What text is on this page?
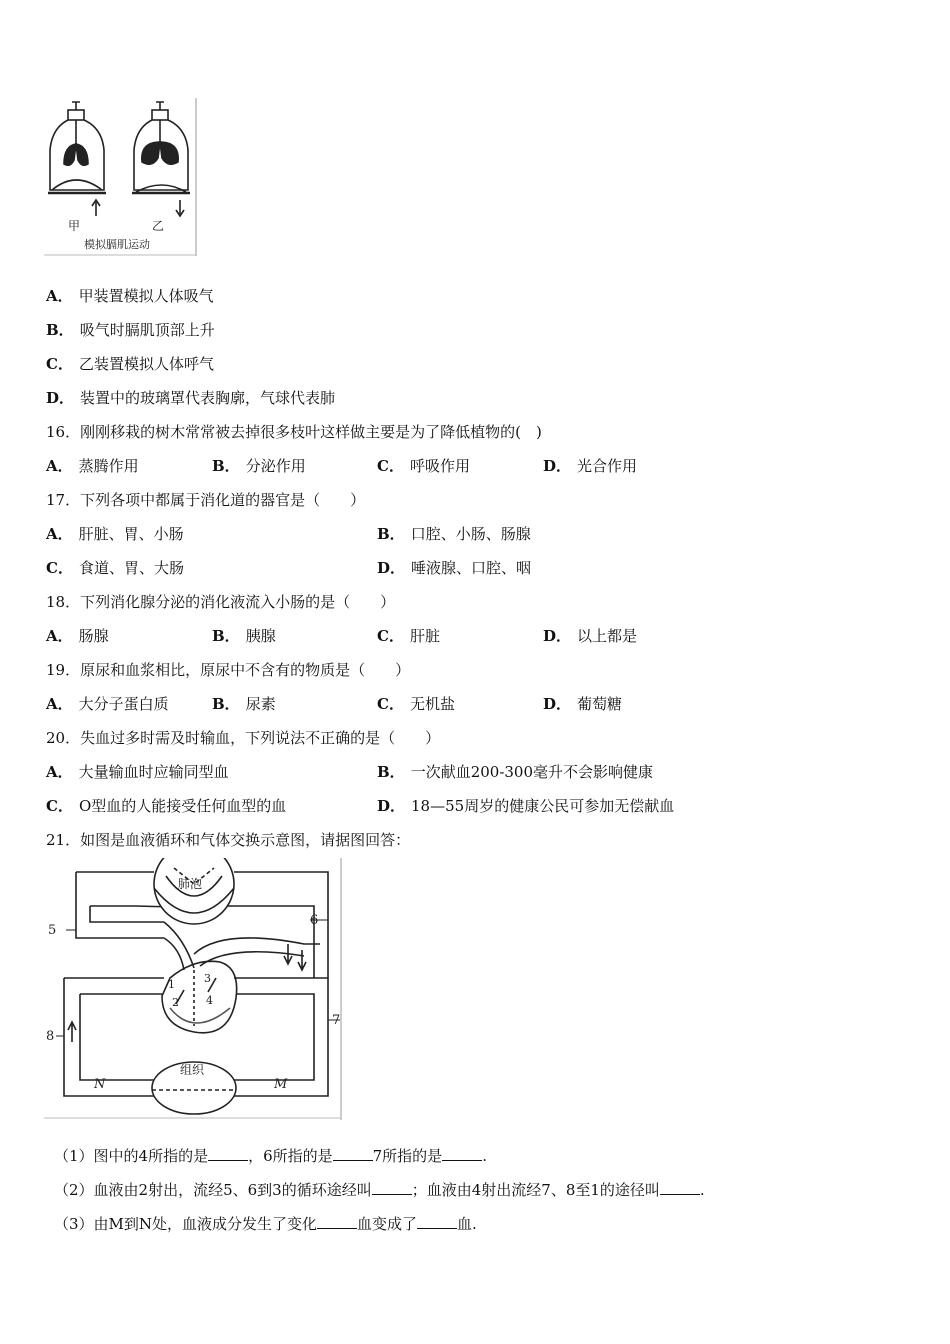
甲	乙
模拟膈肌运动
A． 甲装置模拟人体吸气
B． 吸气时膈肌顶部上升
C． 乙装置模拟人体呼气
D． 装置中的玻璃罩代表胸廓，气球代表肺
16．刚刚移栽的树木常常被去掉很多枝叶这样做主要是为了降低植物的(　)
A． 蒸腾作用	B． 分泌作用	C． 呼吸作用	D． 光合作用
17．下列各项中都属于消化道的器官是（　　）
A． 肝脏、胃、小肠	B． 口腔、小肠、肠腺
C． 食道、胃、大肠	D． 唾液腺、口腔、咽
18．下列消化腺分泌的消化液流入小肠的是（　　）
A． 肠腺	B． 胰腺	C． 肝脏	D． 以上都是
19．原尿和血浆相比，原尿中不含有的物质是（　　）
A． 大分子蛋白质	B． 尿素	C． 无机盐	D． 葡萄糖
20．失血过多时需及时输血，下列说法不正确的是（　　）
A． 大量输血时应输同型血	B． 一次献血200-300毫升不会影响健康
C． O型血的人能接受任何血型的血	D． 18—55周岁的健康公民可参加无偿献血
21．如图是血液循环和气体交换示意图，请据图回答：
肺泡
组织
5
6
7
8
1
2
3
4
N	M
（1）图中的4所指的是	，6所指的是	7所指的是	.
（2）血液由2射出，流经5、6到3的循环途经叫	；血液由4射出流经7、8至1的途径叫	.
（3）由M到N处，血液成分发生了变化	血变成了	血.
